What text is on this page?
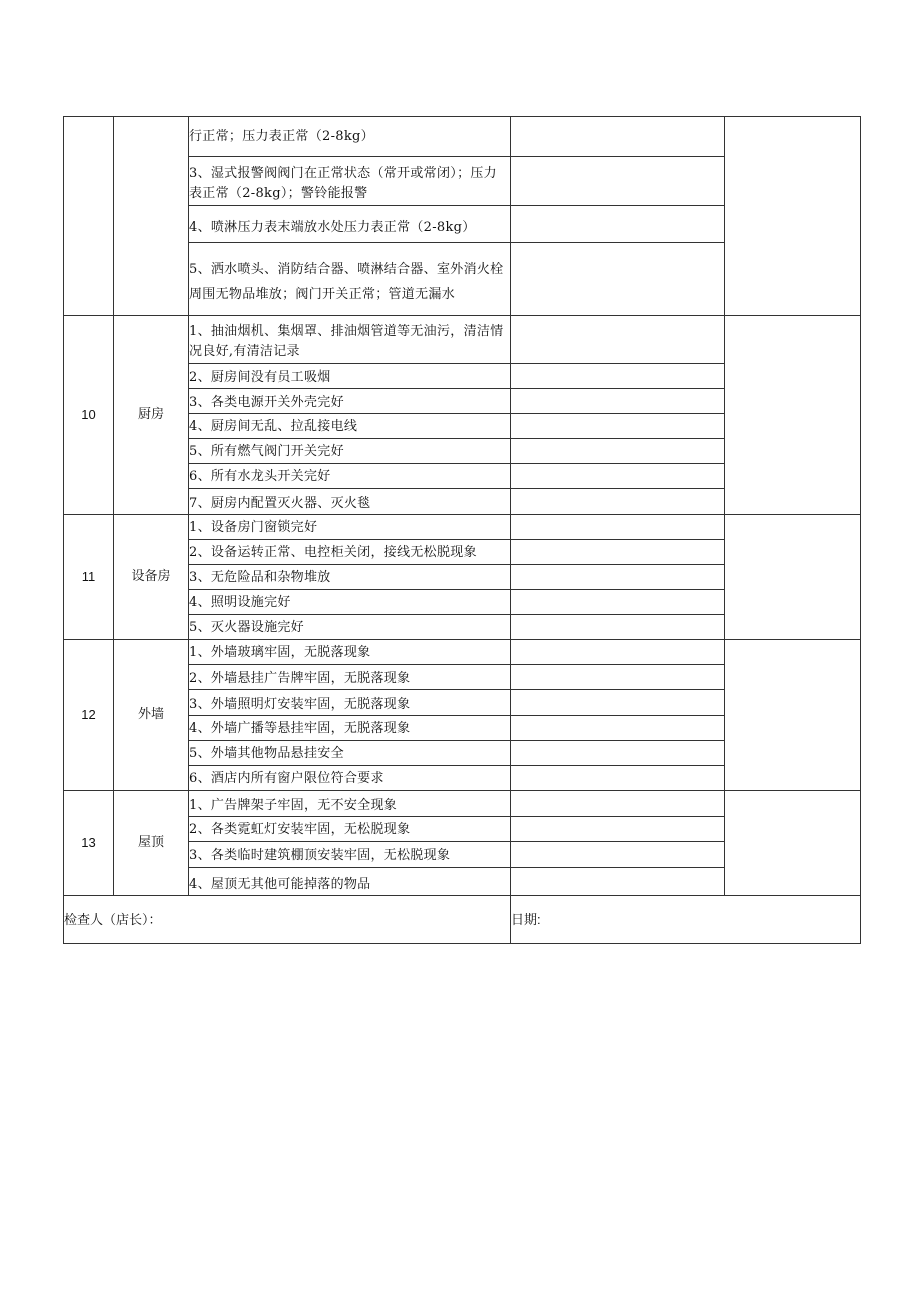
		行正常；压力表正常（2-8kg）		

		3、湿式报警阀阀门在正常状态（常开或常闭）；压力表正常（2-8kg）；警铃能报警		

		4、喷淋压力表末端放水处压力表正常（2-8kg）		

		5、洒水喷头、消防结合器、喷淋结合器、室外消火栓周围无物品堆放；阀门开关正常；管道无漏水		

10	厨房	1、抽油烟机、集烟罩、排油烟管道等无油污，清洁情况良好,有清洁记录		

		2、厨房间没有员工吸烟		

		3、各类电源开关外壳完好		

		4、厨房间无乱、拉乱接电线		

		5、所有燃气阀门开关完好		

		6、所有水龙头开关完好		

		7、厨房内配置灭火器、灭火毯		

11	设备房	1、设备房门窗锁完好		

		2、设备运转正常、电控柜关闭，接线无松脱现象		

		3、无危险品和杂物堆放		

		4、照明设施完好		

		5、灭火器设施完好		

12	外墙	1、外墙玻璃牢固，无脱落现象		

		2、外墙悬挂广告牌牢固，无脱落现象		

		3、外墙照明灯安装牢固，无脱落现象		

		4、外墙广播等悬挂牢固，无脱落现象		

		5、外墙其他物品悬挂安全		

		6、酒店内所有窗户限位符合要求		

13	屋顶	1、广告牌架子牢固，无不安全现象		

		2、各类霓虹灯安装牢固，无松脱现象		

		3、各类临时建筑棚顶安装牢固，无松脱现象		

		4、屋顶无其他可能掉落的物品		

检查人（店长）：			日期:	
